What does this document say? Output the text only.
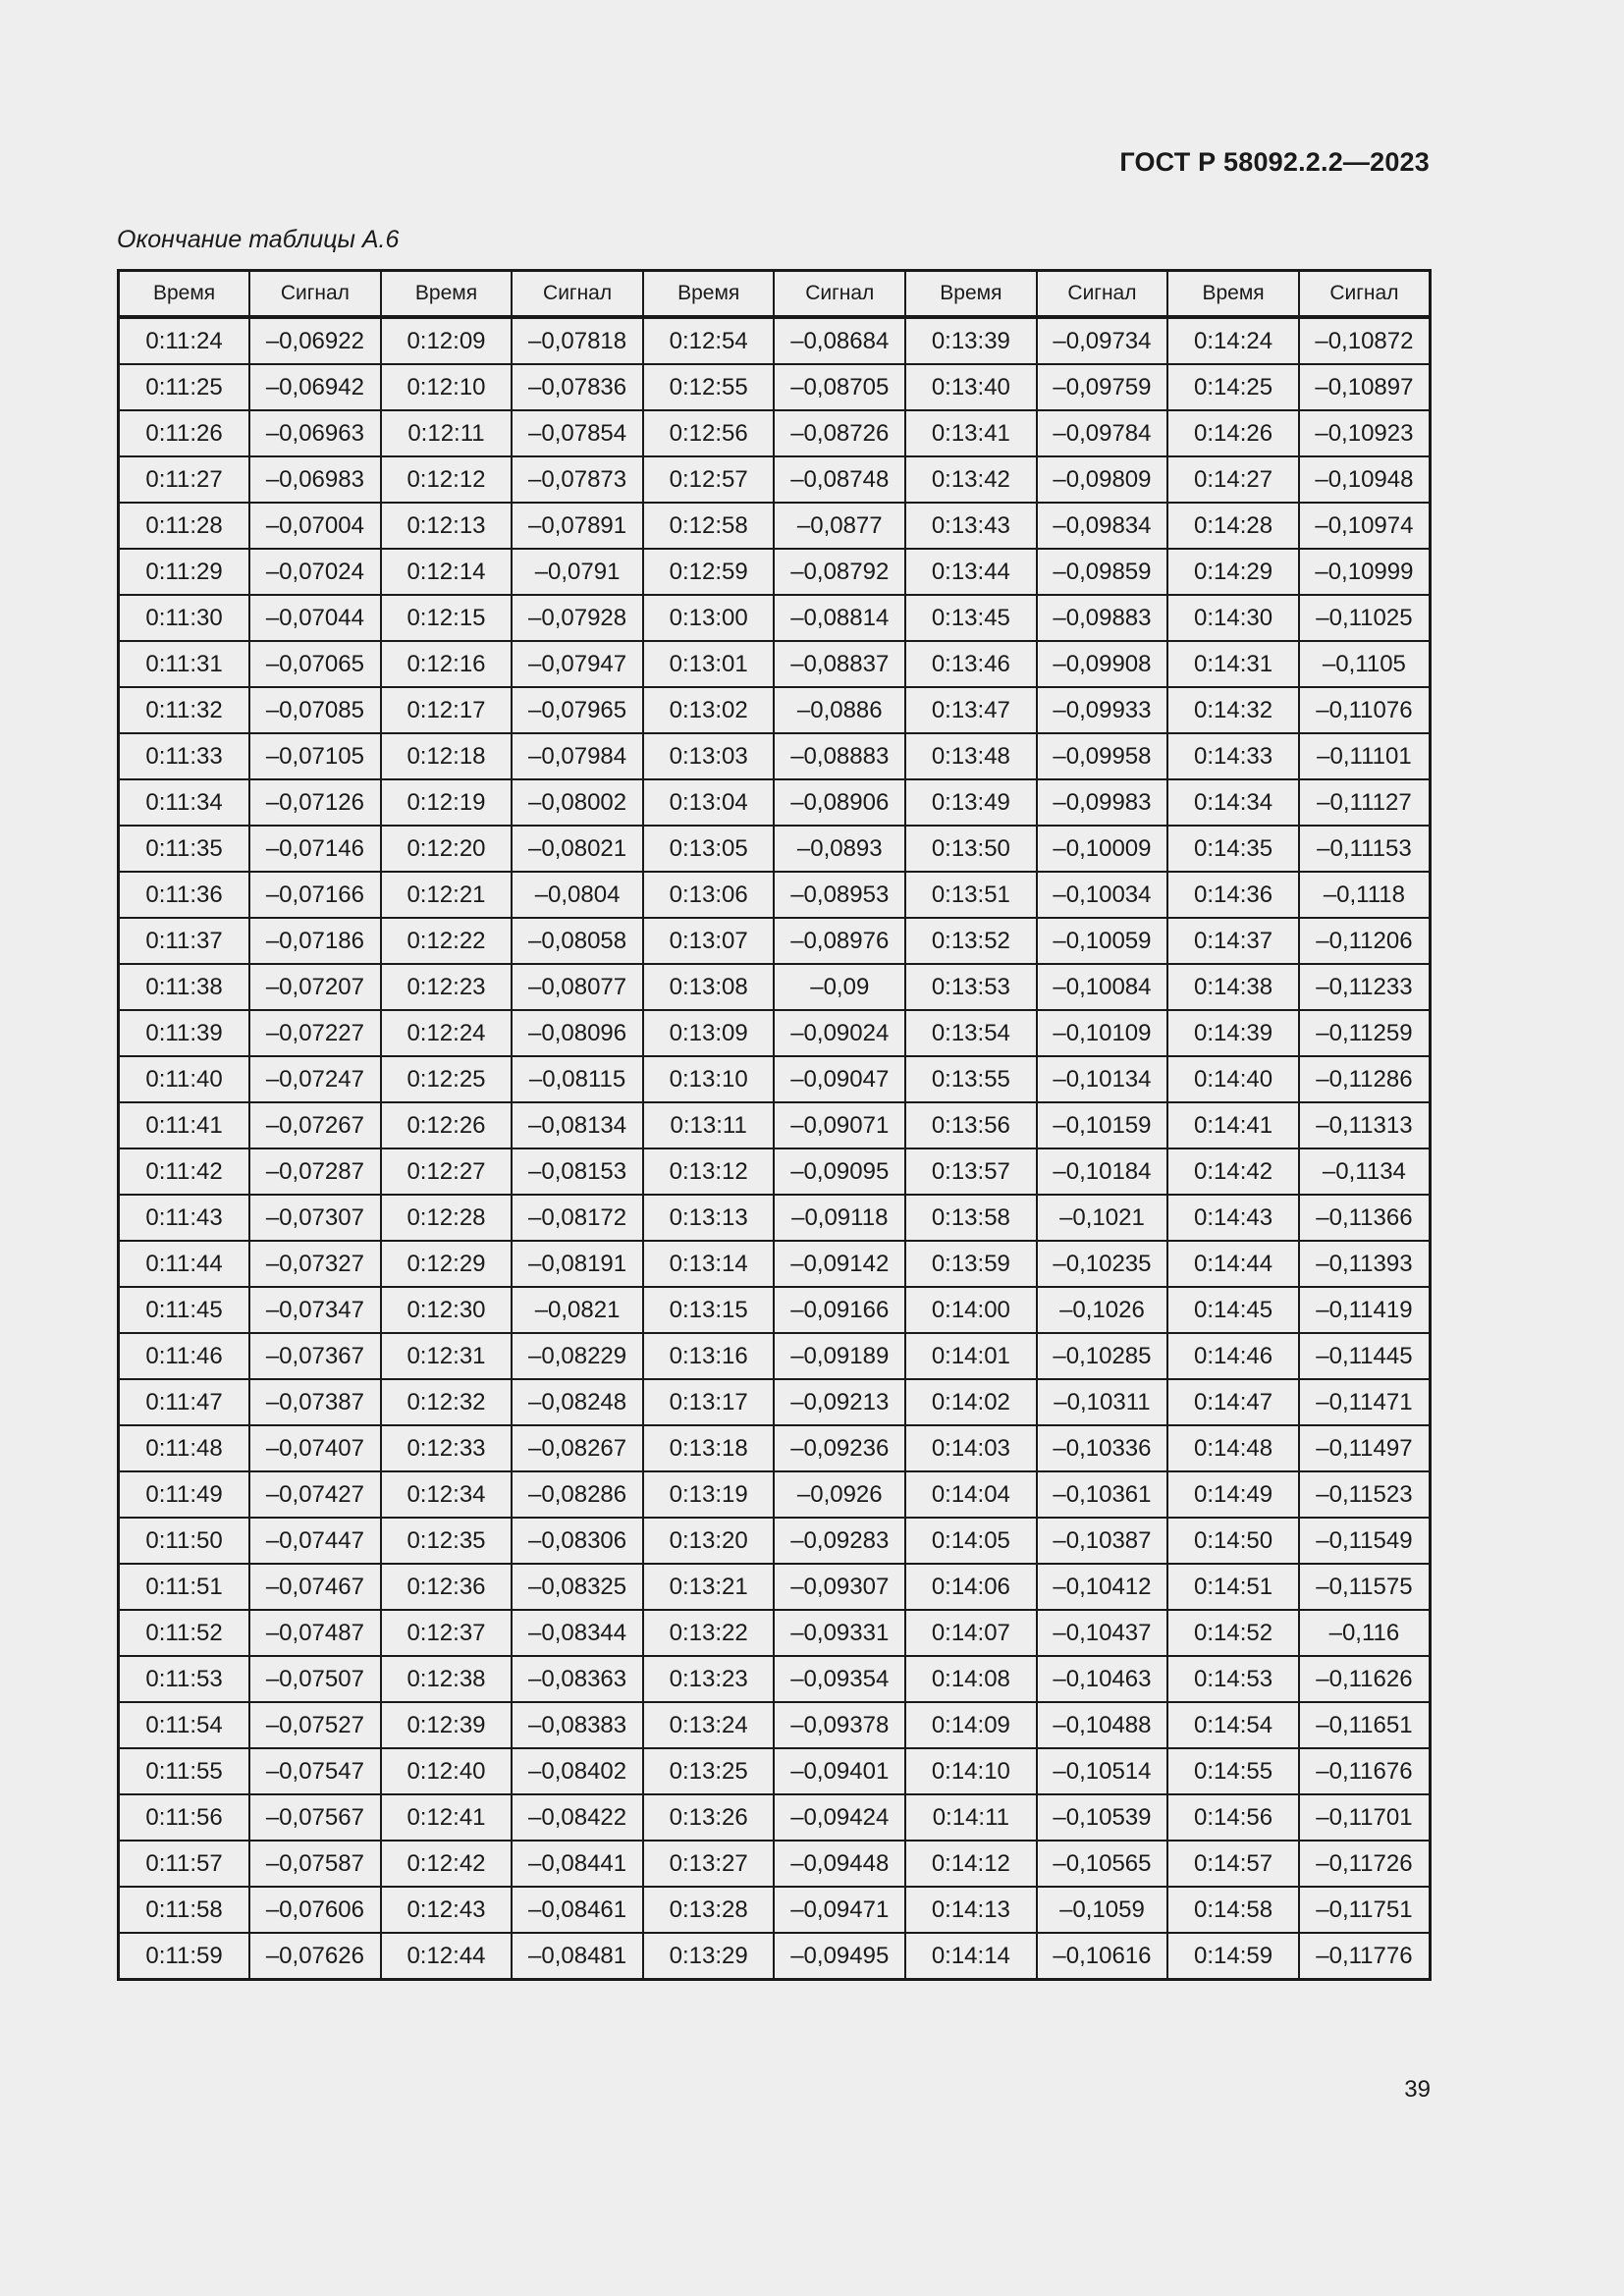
ГОСТ Р 58092.2.2—2023
Окончание таблицы А.6
Время	Сигнал	Время	Сигнал	Время	Сигнал	Время	Сигнал	Время	Сигнал
0:11:24	–0,06922	0:12:09	–0,07818	0:12:54	–0,08684	0:13:39	–0,09734	0:14:24	–0,10872
0:11:25	–0,06942	0:12:10	–0,07836	0:12:55	–0,08705	0:13:40	–0,09759	0:14:25	–0,10897
0:11:26	–0,06963	0:12:11	–0,07854	0:12:56	–0,08726	0:13:41	–0,09784	0:14:26	–0,10923
0:11:27	–0,06983	0:12:12	–0,07873	0:12:57	–0,08748	0:13:42	–0,09809	0:14:27	–0,10948
0:11:28	–0,07004	0:12:13	–0,07891	0:12:58	–0,0877	0:13:43	–0,09834	0:14:28	–0,10974
0:11:29	–0,07024	0:12:14	–0,0791	0:12:59	–0,08792	0:13:44	–0,09859	0:14:29	–0,10999
0:11:30	–0,07044	0:12:15	–0,07928	0:13:00	–0,08814	0:13:45	–0,09883	0:14:30	–0,11025
0:11:31	–0,07065	0:12:16	–0,07947	0:13:01	–0,08837	0:13:46	–0,09908	0:14:31	–0,1105
0:11:32	–0,07085	0:12:17	–0,07965	0:13:02	–0,0886	0:13:47	–0,09933	0:14:32	–0,11076
0:11:33	–0,07105	0:12:18	–0,07984	0:13:03	–0,08883	0:13:48	–0,09958	0:14:33	–0,11101
0:11:34	–0,07126	0:12:19	–0,08002	0:13:04	–0,08906	0:13:49	–0,09983	0:14:34	–0,11127
0:11:35	–0,07146	0:12:20	–0,08021	0:13:05	–0,0893	0:13:50	–0,10009	0:14:35	–0,11153
0:11:36	–0,07166	0:12:21	–0,0804	0:13:06	–0,08953	0:13:51	–0,10034	0:14:36	–0,1118
0:11:37	–0,07186	0:12:22	–0,08058	0:13:07	–0,08976	0:13:52	–0,10059	0:14:37	–0,11206
0:11:38	–0,07207	0:12:23	–0,08077	0:13:08	–0,09	0:13:53	–0,10084	0:14:38	–0,11233
0:11:39	–0,07227	0:12:24	–0,08096	0:13:09	–0,09024	0:13:54	–0,10109	0:14:39	–0,11259
0:11:40	–0,07247	0:12:25	–0,08115	0:13:10	–0,09047	0:13:55	–0,10134	0:14:40	–0,11286
0:11:41	–0,07267	0:12:26	–0,08134	0:13:11	–0,09071	0:13:56	–0,10159	0:14:41	–0,11313
0:11:42	–0,07287	0:12:27	–0,08153	0:13:12	–0,09095	0:13:57	–0,10184	0:14:42	–0,1134
0:11:43	–0,07307	0:12:28	–0,08172	0:13:13	–0,09118	0:13:58	–0,1021	0:14:43	–0,11366
0:11:44	–0,07327	0:12:29	–0,08191	0:13:14	–0,09142	0:13:59	–0,10235	0:14:44	–0,11393
0:11:45	–0,07347	0:12:30	–0,0821	0:13:15	–0,09166	0:14:00	–0,1026	0:14:45	–0,11419
0:11:46	–0,07367	0:12:31	–0,08229	0:13:16	–0,09189	0:14:01	–0,10285	0:14:46	–0,11445
0:11:47	–0,07387	0:12:32	–0,08248	0:13:17	–0,09213	0:14:02	–0,10311	0:14:47	–0,11471
0:11:48	–0,07407	0:12:33	–0,08267	0:13:18	–0,09236	0:14:03	–0,10336	0:14:48	–0,11497
0:11:49	–0,07427	0:12:34	–0,08286	0:13:19	–0,0926	0:14:04	–0,10361	0:14:49	–0,11523
0:11:50	–0,07447	0:12:35	–0,08306	0:13:20	–0,09283	0:14:05	–0,10387	0:14:50	–0,11549
0:11:51	–0,07467	0:12:36	–0,08325	0:13:21	–0,09307	0:14:06	–0,10412	0:14:51	–0,11575
0:11:52	–0,07487	0:12:37	–0,08344	0:13:22	–0,09331	0:14:07	–0,10437	0:14:52	–0,116
0:11:53	–0,07507	0:12:38	–0,08363	0:13:23	–0,09354	0:14:08	–0,10463	0:14:53	–0,11626
0:11:54	–0,07527	0:12:39	–0,08383	0:13:24	–0,09378	0:14:09	–0,10488	0:14:54	–0,11651
0:11:55	–0,07547	0:12:40	–0,08402	0:13:25	–0,09401	0:14:10	–0,10514	0:14:55	–0,11676
0:11:56	–0,07567	0:12:41	–0,08422	0:13:26	–0,09424	0:14:11	–0,10539	0:14:56	–0,11701
0:11:57	–0,07587	0:12:42	–0,08441	0:13:27	–0,09448	0:14:12	–0,10565	0:14:57	–0,11726
0:11:58	–0,07606	0:12:43	–0,08461	0:13:28	–0,09471	0:14:13	–0,1059	0:14:58	–0,11751
0:11:59	–0,07626	0:12:44	–0,08481	0:13:29	–0,09495	0:14:14	–0,10616	0:14:59	–0,11776
39
